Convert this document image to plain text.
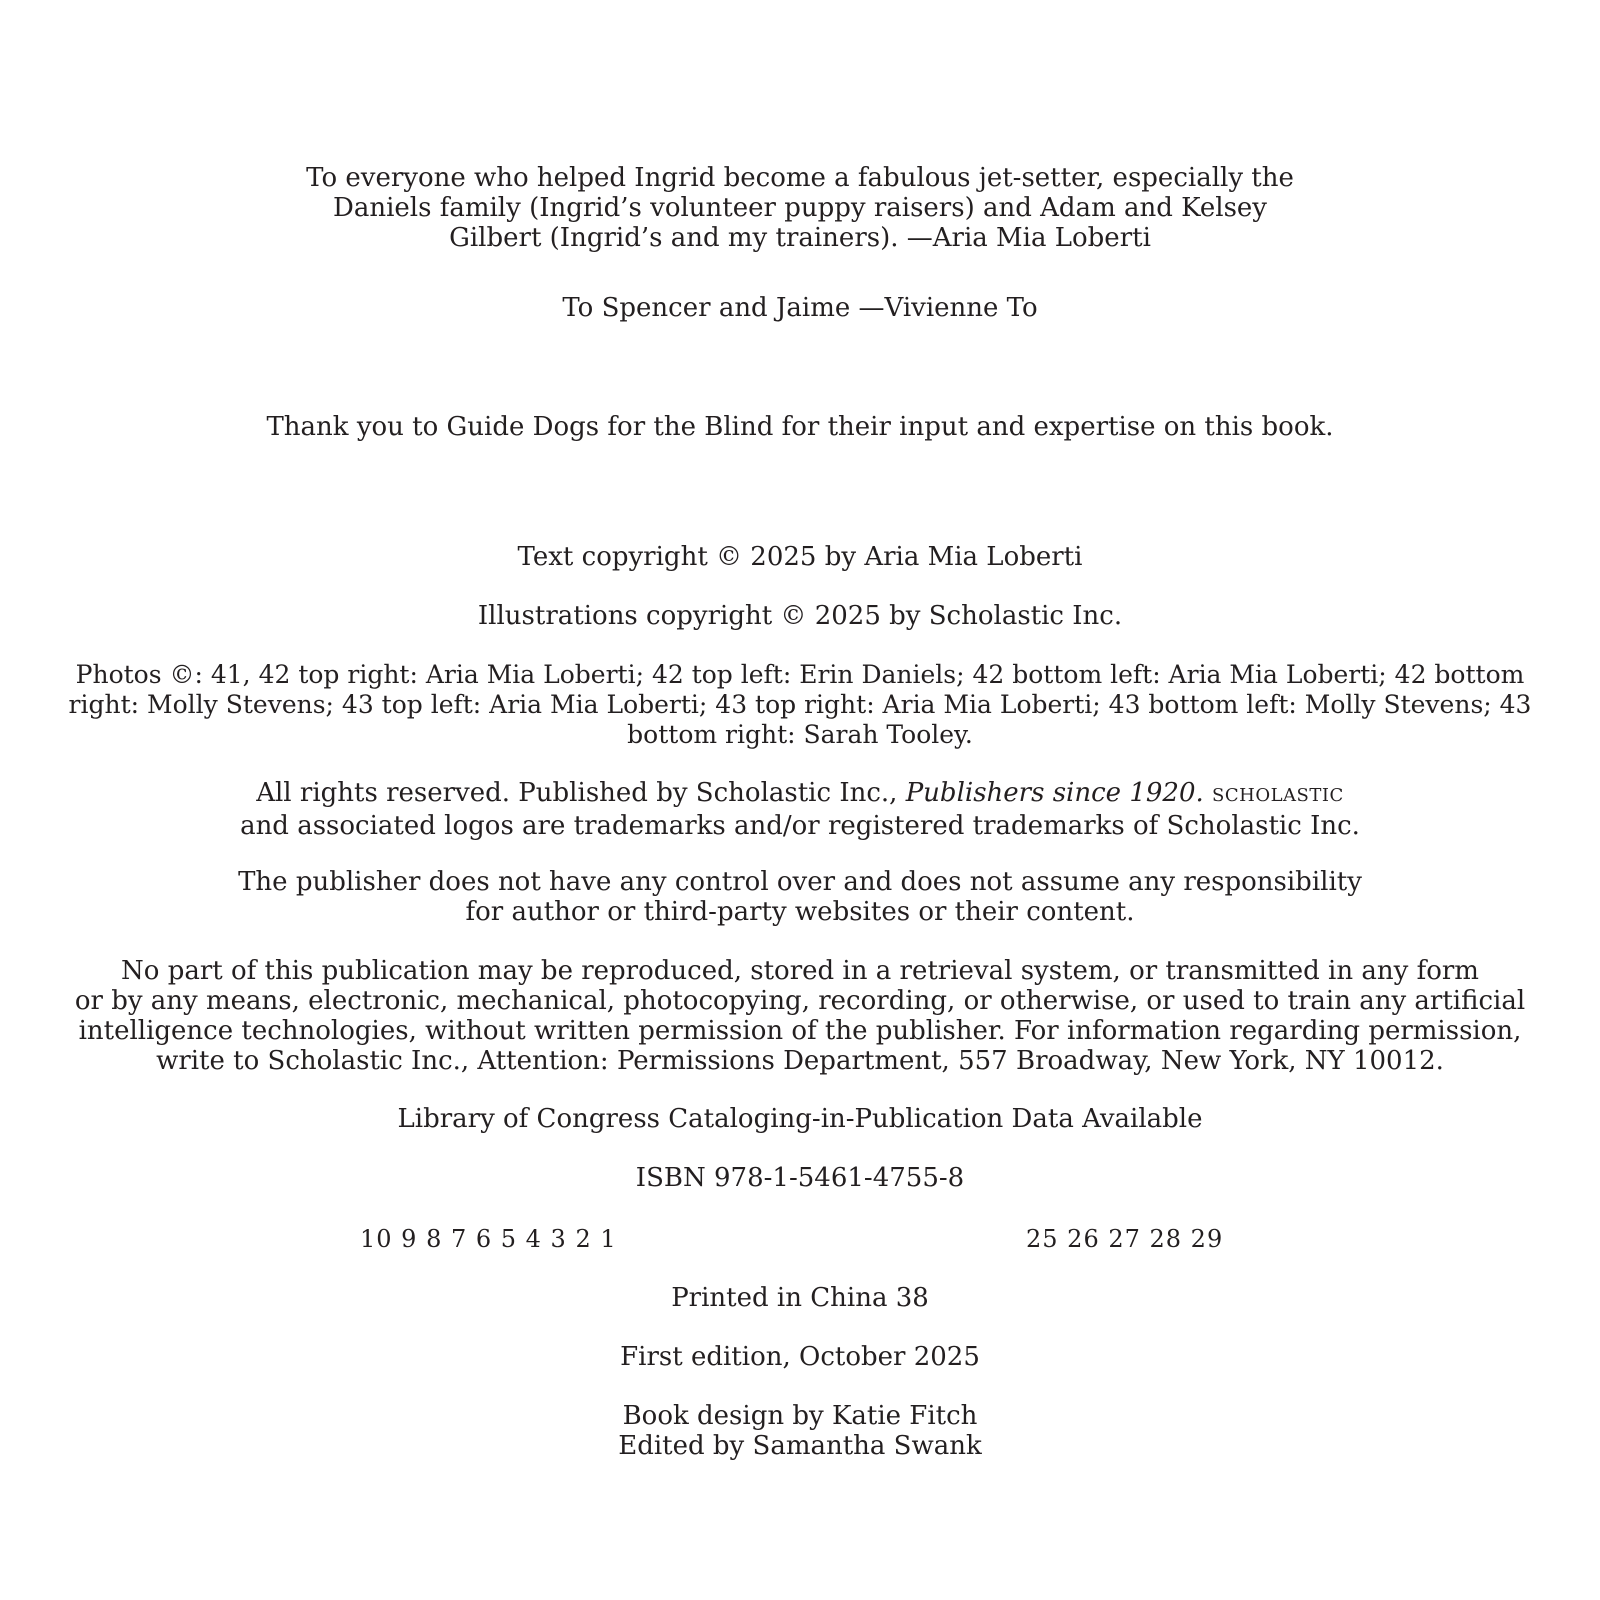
To everyone who helped Ingrid become a fabulous jet-setter, especially the
Daniels family (Ingrid’s volunteer puppy raisers) and Adam and Kelsey
Gilbert (Ingrid’s and my trainers). —Aria Mia Loberti
To Spencer and Jaime —Vivienne To
Thank you to Guide Dogs for the Blind for their input and expertise on this book.
Text copyright © 2025 by Aria Mia Loberti
Illustrations copyright © 2025 by Scholastic Inc.
Photos ©: 41, 42 top right: Aria Mia Loberti; 42 top left: Erin Daniels; 42 bottom left: Aria Mia Loberti; 42 bottom
right: Molly Stevens; 43 top left: Aria Mia Loberti; 43 top right: Aria Mia Loberti; 43 bottom left: Molly Stevens; 43
bottom right: Sarah Tooley.
All rights reserved. Published by Scholastic Inc., Publishers since 1920. SCHOLASTIC
and associated logos are trademarks and/or registered trademarks of Scholastic Inc.
The publisher does not have any control over and does not assume any responsibility
for author or third-party websites or their content.
No part of this publication may be reproduced, stored in a retrieval system, or transmitted in any form
or by any means, electronic, mechanical, photocopying, recording, or otherwise, or used to train any artificial
intelligence technologies, without written permission of the publisher. For information regarding permission,
write to Scholastic Inc., Attention: Permissions Department, 557 Broadway, New York, NY 10012.
Library of Congress Cataloging-in-Publication Data Available
ISBN 978-1-5461-4755-8
10 9 8 7 6 5 4 3 2 1	25 26 27 28 29
Printed in China 38
First edition, October 2025
Book design by Katie Fitch
Edited by Samantha Swank
